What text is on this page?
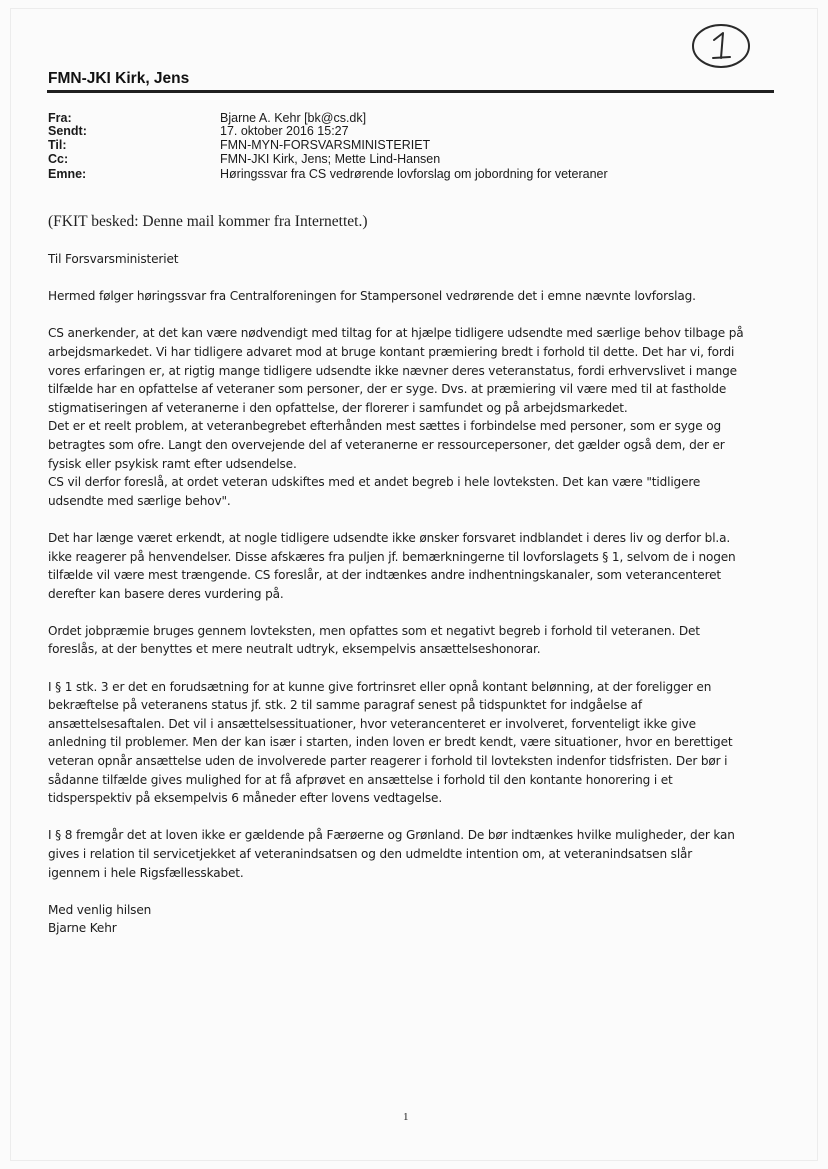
FMN-JKI Kirk, Jens
Fra:	Bjarne A. Kehr [bk@cs.dk]
Sendt:	17. oktober 2016 15:27
Til:	FMN-MYN-FORSVARSMINISTERIET
Cc:	FMN-JKI Kirk, Jens; Mette Lind-Hansen
Emne:	Høringssvar fra CS vedrørende lovforslag om jobordning for veteraner
(FKIT besked: Denne mail kommer fra Internettet.)

Til Forsvarsministeriet

Hermed følger høringssvar fra Centralforeningen for Stampersonel vedrørende det i emne nævnte lovforslag.

CS anerkender, at det kan være nødvendigt med tiltag for at hjælpe tidligere udsendte med særlige behov tilbage på
arbejdsmarkedet. Vi har tidligere advaret mod at bruge kontant præmiering bredt i forhold til dette. Det har vi, fordi
vores erfaringen er, at rigtig mange tidligere udsendte ikke nævner deres veteranstatus, fordi erhvervslivet i mange
tilfælde har en opfattelse af veteraner som personer, der er syge. Dvs. at præmiering vil være med til at fastholde
stigmatiseringen af veteranerne i den opfattelse, der florerer i samfundet og på arbejdsmarkedet.

Det er et reelt problem, at veteranbegrebet efterhånden mest sættes i forbindelse med personer, som er syge og
betragtes som ofre. Langt den overvejende del af veteranerne er ressourcepersoner, det gælder også dem, der er
fysisk eller psykisk ramt efter udsendelse.

CS vil derfor foreslå, at ordet veteran udskiftes med et andet begreb i hele lovteksten. Det kan være "tidligere
udsendte med særlige behov".

Det har længe været erkendt, at nogle tidligere udsendte ikke ønsker forsvaret indblandet i deres liv og derfor bl.a.
ikke reagerer på henvendelser. Disse afskæres fra puljen jf. bemærkningerne til lovforslagets § 1, selvom de i nogen
tilfælde vil være mest trængende. CS foreslår, at der indtænkes andre indhentningskanaler, som veterancenteret
derefter kan basere deres vurdering på.

Ordet jobpræmie bruges gennem lovteksten, men opfattes som et negativt begreb i forhold til veteranen. Det
foreslås, at der benyttes et mere neutralt udtryk, eksempelvis ansættelseshonorar.

I § 1 stk. 3 er det en forudsætning for at kunne give fortrinsret eller opnå kontant belønning, at der foreligger en
bekræftelse på veteranens status jf. stk. 2 til samme paragraf senest på tidspunktet for indgåelse af
ansættelsesaftalen. Det vil i ansættelsessituationer, hvor veterancenteret er involveret, forventeligt ikke give
anledning til problemer. Men der kan især i starten, inden loven er bredt kendt, være situationer, hvor en berettiget
veteran opnår ansættelse uden de involverede parter reagerer i forhold til lovteksten indenfor tidsfristen. Der bør i
sådanne tilfælde gives mulighed for at få afprøvet en ansættelse i forhold til den kontante honorering i et
tidsperspektiv på eksempelvis 6 måneder efter lovens vedtagelse.

I § 8 fremgår det at loven ikke er gældende på Færøerne og Grønland. De bør indtænkes hvilke muligheder, der kan
gives i relation til servicetjekket af veteranindsatsen og den udmeldte intention om, at veteranindsatsen slår
igennem i hele Rigsfællesskabet.

Med venlig hilsen
Bjarne Kehr
1
